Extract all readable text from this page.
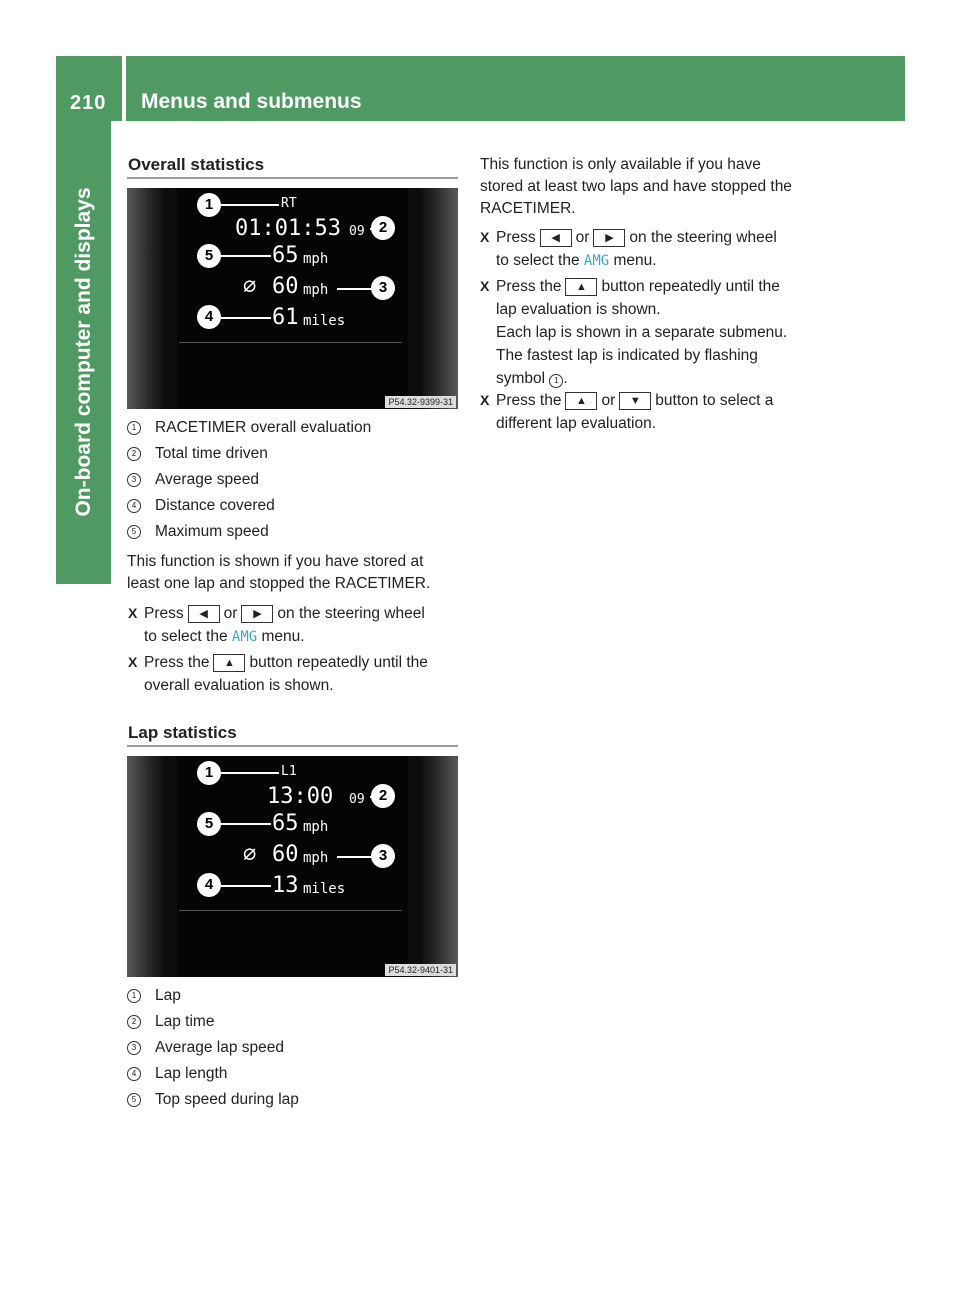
210 Menus and submenus
On-board computer and displays
Overall statistics
1	RT
01:01:53 09 2
5	65 mph
⌀ 60 mph	3
4	61 miles
P54.32-9399-31
1	RACETIMER overall evaluation
2	Total time driven
3	Average speed
4	Distance covered
5	Maximum speed
This function is shown if you have stored at
least one lap and stopped the RACETIMER.
X Press ◀ or ▶ on the steering wheel
to select the AMG menu.
X Press the ▲ button repeatedly until the
overall evaluation is shown.
Lap statistics
1	L1
13:00 09 2
5	65 mph
⌀ 60 mph	3
4	13 miles
P54.32-9401-31
1	Lap
2	Lap time
3	Average lap speed
4	Lap length
5	Top speed during lap
This function is only available if you have
stored at least two laps and have stopped the
RACETIMER.
X Press ◀ or ▶ on the steering wheel
to select the AMG menu.
X Press the ▲ button repeatedly until the
lap evaluation is shown.
Each lap is shown in a separate submenu.
The fastest lap is indicated by flashing
symbol 1 .
X Press the ▲ or ▼ button to select a
different lap evaluation.
